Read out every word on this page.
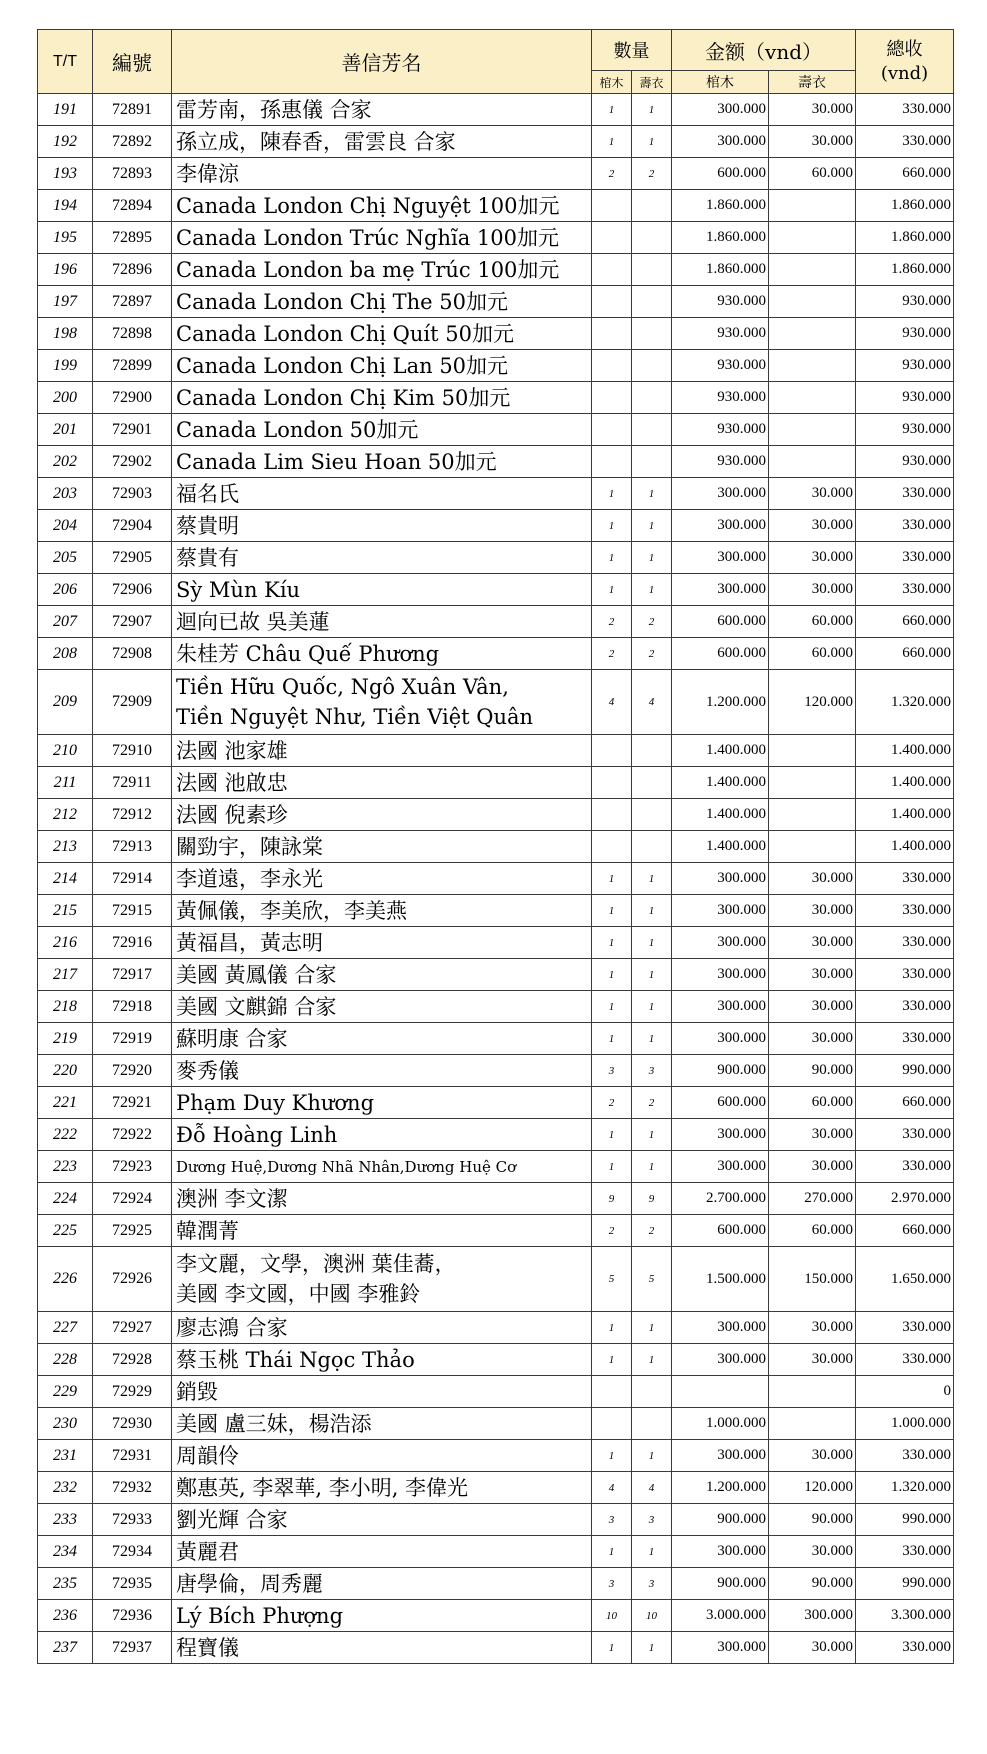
T/T	編號	善信芳名	數量		金额（vnd）		總收
(vnd)
			棺木	壽衣	棺木	壽衣	
191	72891	雷芳南，孫惠儀 合家	1	1	300.000	30.000	330.000
192	72892	孫立成，陳春香，雷雲良 合家	1	1	300.000	30.000	330.000
193	72893	李偉涼	2	2	600.000	60.000	660.000
194	72894	Canada London Chị Nguyệt 100加元			1.860.000		1.860.000
195	72895	Canada London Trúc Nghĩa 100加元			1.860.000		1.860.000
196	72896	Canada London ba mẹ Trúc 100加元			1.860.000		1.860.000
197	72897	Canada London Chị The 50加元			930.000		930.000
198	72898	Canada London Chị Quít 50加元			930.000		930.000
199	72899	Canada London Chị Lan 50加元			930.000		930.000
200	72900	Canada London Chị Kim 50加元			930.000		930.000
201	72901	Canada London 50加元			930.000		930.000
202	72902	Canada Lim Sieu Hoan 50加元			930.000		930.000
203	72903	福名氏	1	1	300.000	30.000	330.000
204	72904	蔡貴明	1	1	300.000	30.000	330.000
205	72905	蔡貴有	1	1	300.000	30.000	330.000
206	72906	Sỳ Mùn Kíu	1	1	300.000	30.000	330.000
207	72907	迴向已故 吳美蓮	2	2	600.000	60.000	660.000
208	72908	朱桂芳 Châu Quế Phương	2	2	600.000	60.000	660.000
209	72909	Tiền Hữu Quốc, Ngô Xuân Vân,
Tiền Nguyệt Như, Tiền Việt Quân	4	4	1.200.000	120.000	1.320.000
210	72910	法國 池家雄			1.400.000		1.400.000
211	72911	法國 池啟忠			1.400.000		1.400.000
212	72912	法國 倪素珍			1.400.000		1.400.000
213	72913	關勁宇，陳詠棠			1.400.000		1.400.000
214	72914	李道遠，李永光	1	1	300.000	30.000	330.000
215	72915	黃佩儀，李美欣，李美燕	1	1	300.000	30.000	330.000
216	72916	黃福昌，黃志明	1	1	300.000	30.000	330.000
217	72917	美國 黃鳳儀 合家	1	1	300.000	30.000	330.000
218	72918	美國 文麒錦 合家	1	1	300.000	30.000	330.000
219	72919	蘇明康 合家	1	1	300.000	30.000	330.000
220	72920	麥秀儀	3	3	900.000	90.000	990.000
221	72921	Phạm Duy Khương	2	2	600.000	60.000	660.000
222	72922	Đỗ Hoàng Linh	1	1	300.000	30.000	330.000
223	72923	Dương Huệ,Dương Nhã Nhân,Dương Huệ Cơ	1	1	300.000	30.000	330.000
224	72924	澳洲 李文潔	9	9	2.700.000	270.000	2.970.000
225	72925	韓潤菁	2	2	600.000	60.000	660.000
226	72926	李文麗，文學，澳洲 葉佳蕎，
美國 李文國，中國 李雅鈴	5	5	1.500.000	150.000	1.650.000
227	72927	廖志鴻 合家	1	1	300.000	30.000	330.000
228	72928	蔡玉桃 Thái Ngọc Thảo	1	1	300.000	30.000	330.000
229	72929	銷毀					0
230	72930	美國 盧三妹，楊浩添			1.000.000		1.000.000
231	72931	周韻伶	1	1	300.000	30.000	330.000
232	72932	鄭惠英, 李翠華, 李小明, 李偉光	4	4	1.200.000	120.000	1.320.000
233	72933	劉光輝 合家	3	3	900.000	90.000	990.000
234	72934	黃麗君	1	1	300.000	30.000	330.000
235	72935	唐學倫，周秀麗	3	3	900.000	90.000	990.000
236	72936	Lý Bích Phượng	10	10	3.000.000	300.000	3.300.000
237	72937	程寶儀	1	1	300.000	30.000	330.000
